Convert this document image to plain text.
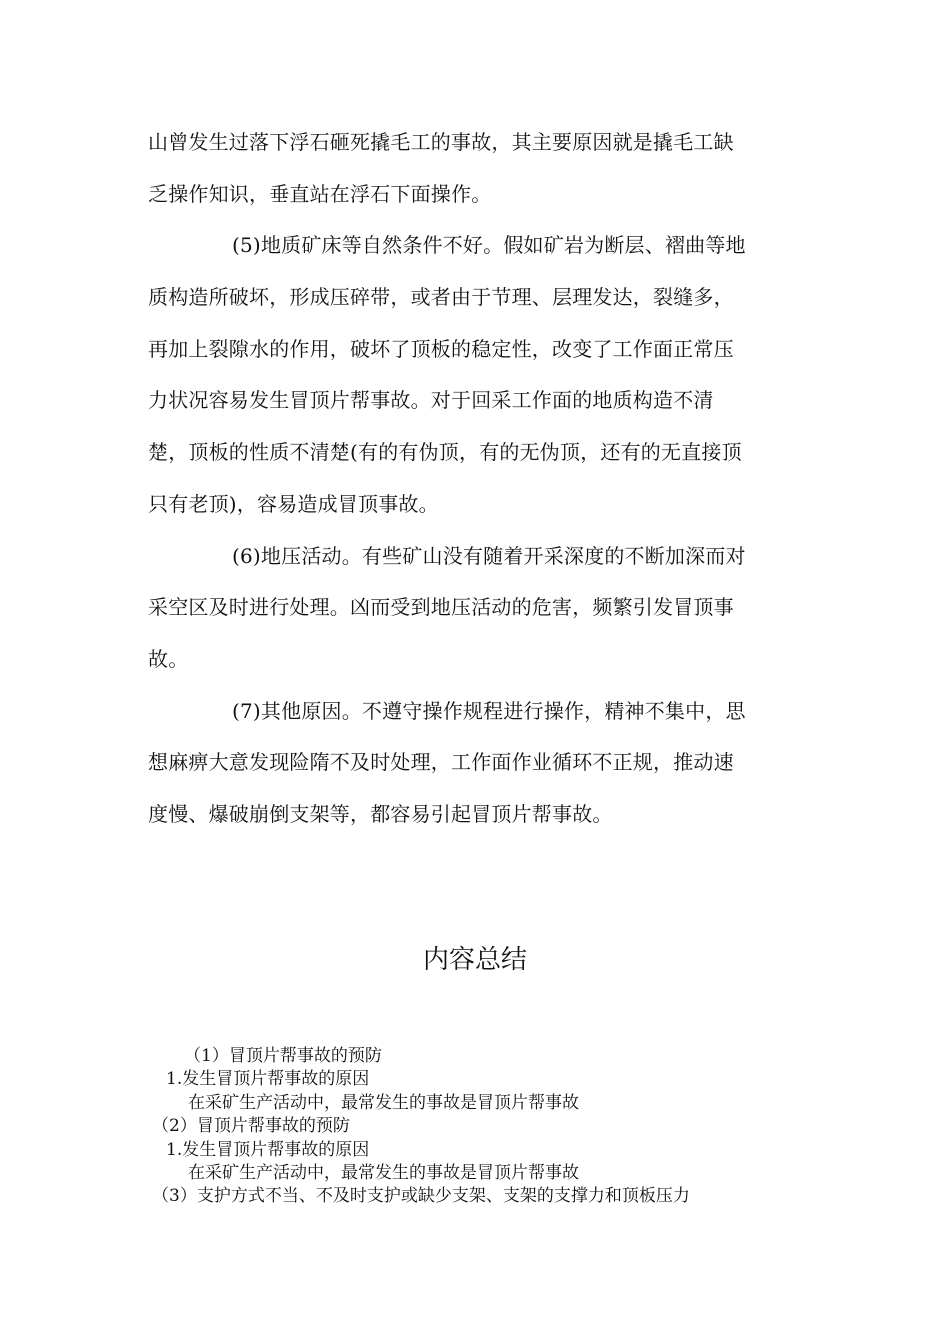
山曾发生过落下浮石砸死撬毛工的事故，其主要原因就是撬毛工缺
乏操作知识，垂直站在浮石下面操作。
(5)地质矿床等自然条件不好。假如矿岩为断层、褶曲等地
质构造所破坏，形成压碎带，或者由于节理、层理发达，裂缝多，
再加上裂隙水的作用，破坏了顶板的稳定性，改变了工作面正常压
力状况容易发生冒顶片帮事故。对于回采工作面的地质构造不清
楚，顶板的性质不清楚(有的有伪顶，有的无伪顶，还有的无直接顶
只有老顶)，容易造成冒顶事故。
(6)地压活动。有些矿山没有随着开采深度的不断加深而对
采空区及时进行处理。凶而受到地压活动的危害，频繁引发冒顶事
故。
(7)其他原因。不遵守操作规程进行操作，精神不集中，思
想麻痹大意发现险隋不及时处理，工作面作业循环不正规，推动速
度慢、爆破崩倒支架等，都容易引起冒顶片帮事故。
内容总结
（1）冒顶片帮事故的预防
1.发生冒顶片帮事故的原因
在采矿生产活动中，最常发生的事故是冒顶片帮事故
（2）冒顶片帮事故的预防
1.发生冒顶片帮事故的原因
在采矿生产活动中，最常发生的事故是冒顶片帮事故
（3）支护方式不当、不及时支护或缺少支架、支架的支撑力和顶板压力
